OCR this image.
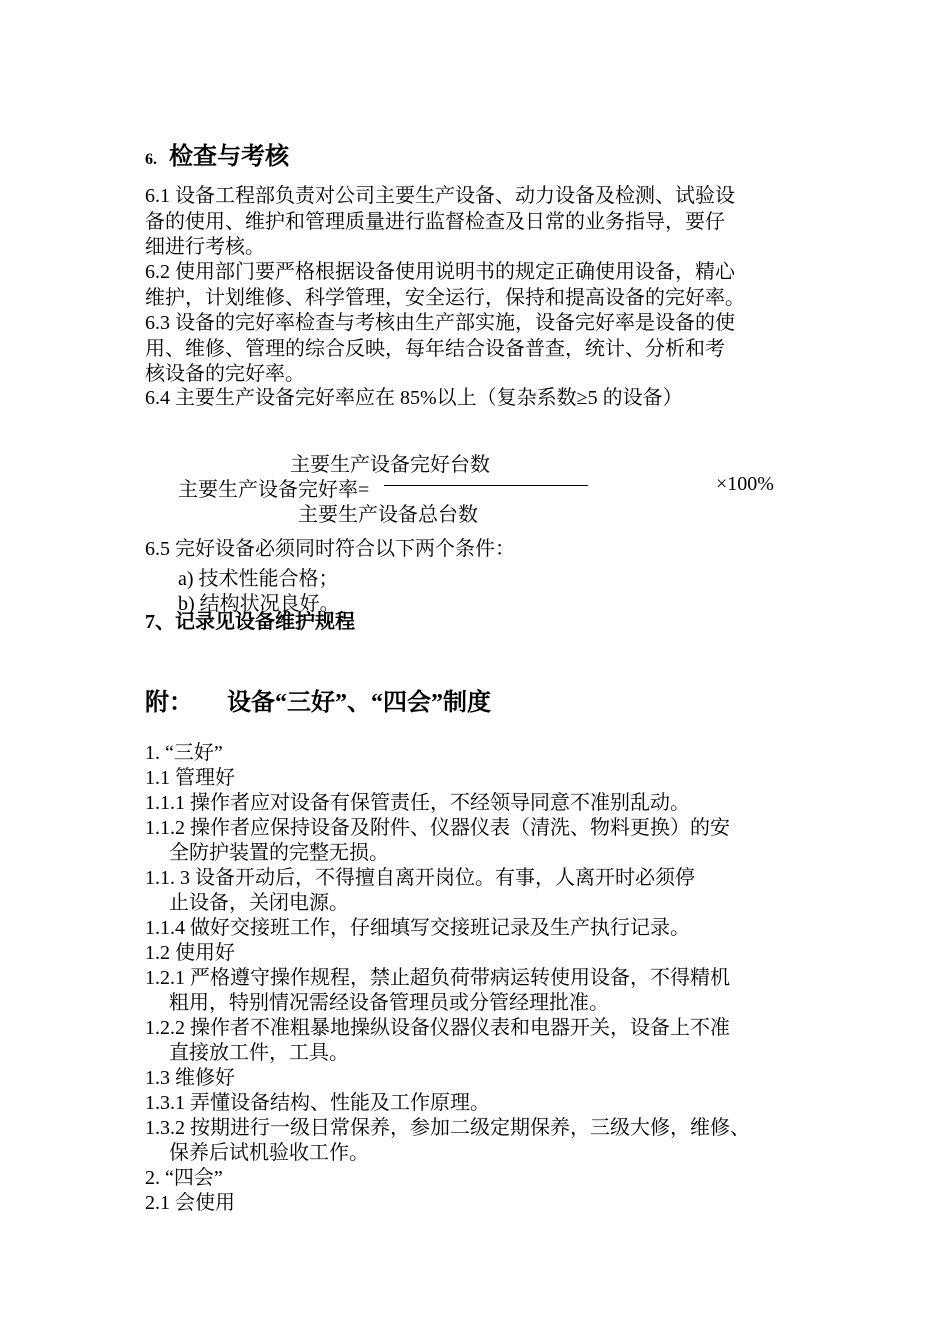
6. 检查与考核
6.1 设备工程部负责对公司主要生产设备、动力设备及检测、试验设
备的使用、维护和管理质量进行监督检查及日常的业务指导，要仔
细进行考核。
6.2 使用部门要严格根据设备使用说明书的规定正确使用设备，精心
维护，计划维修、科学管理，安全运行，保持和提高设备的完好率。
6.3 设备的完好率检查与考核由生产部实施，设备完好率是设备的使
用、维修、管理的综合反映，每年结合设备普查，统计、分析和考
核设备的完好率。
6.4 主要生产设备完好率应在 85%以上（复杂系数≥5 的设备）
主要生产设备完好台数
主要生产设备完好率=	×100%
主要生产设备总台数
6.5 完好设备必须同时符合以下两个条件：
a) 技术性能合格；
b) 结构状况良好。
7、记录见设备维护规程
附： 设备“三好”、“四会”制度
1. “三好”
1.1 管理好
1.1.1 操作者应对设备有保管责任，不经领导同意不准别乱动。
1.1.2 操作者应保持设备及附件、仪器仪表（清洗、物料更换）的安
全防护装置的完整无损。
1.1. 3 设备开动后，不得擅自离开岗位。有事，人离开时必须停
止设备，关闭电源。
1.1.4 做好交接班工作，仔细填写交接班记录及生产执行记录。
1.2 使用好
1.2.1 严格遵守操作规程，禁止超负荷带病运转使用设备，不得精机
粗用，特别情况需经设备管理员或分管经理批准。
1.2.2 操作者不准粗暴地操纵设备仪器仪表和电器开关，设备上不准
直接放工件，工具。
1.3 维修好
1.3.1 弄懂设备结构、性能及工作原理。
1.3.2 按期进行一级日常保养，参加二级定期保养，三级大修，维修、
保养后试机验收工作。
2. “四会”
2.1 会使用
